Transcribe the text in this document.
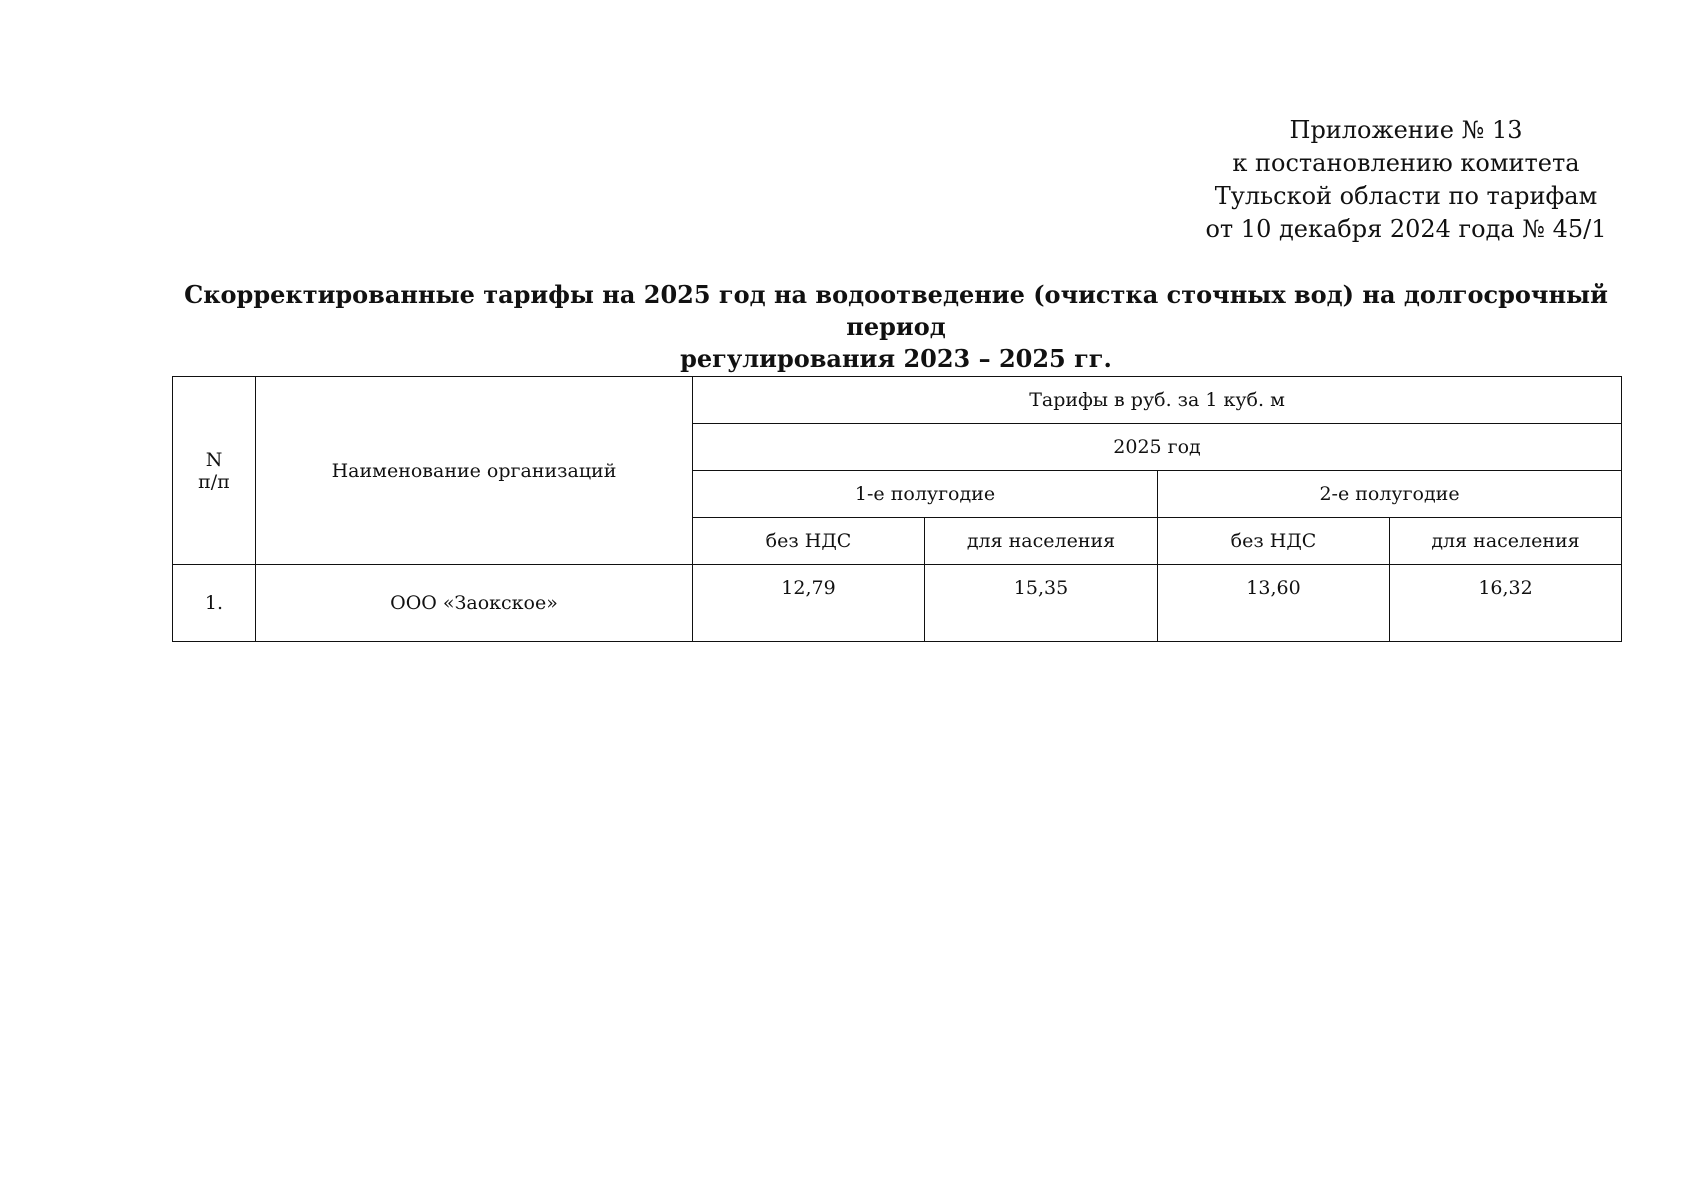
Приложение № 13
к постановлению комитета
Тульской области по тарифам
от 10 декабря 2024 года № 45/1
Скорректированные тарифы на 2025 год на водоотведение (очистка сточных вод) на долгосрочный период
регулирования 2023 – 2025 гг.
N
п/п	Наименование организаций	Тарифы в руб. за 1 куб. м			
		2025 год			
		1-е полугодие		2-е полугодие	
		без НДС	для населения	без НДС	для населения
1.	ООО «Заокское»	12,79	15,35	13,60	16,32
